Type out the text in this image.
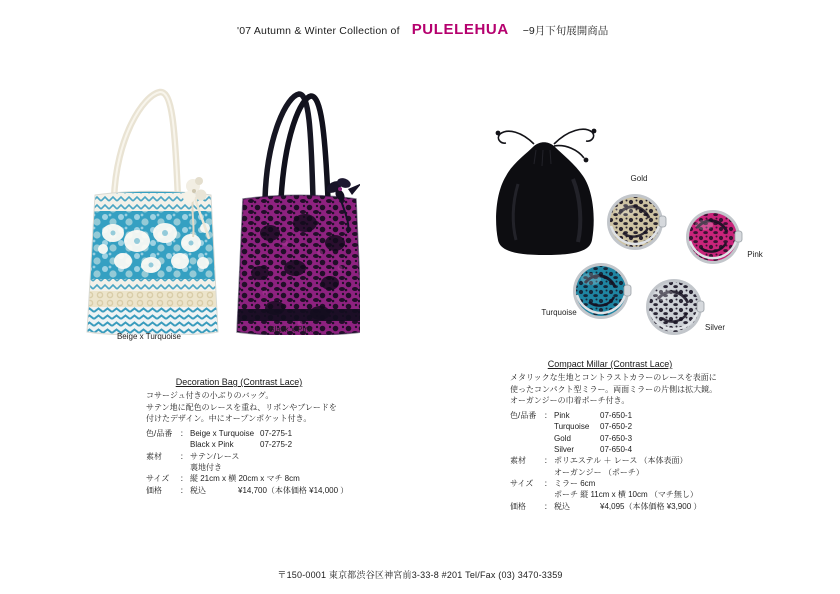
'07 Autumn & Winter Collection of PULELEHUA −9月下旬展開商品
Beige x Turquoise
Black x Pink
Gold
Pink
Turquoise
Silver
Decoration Bag (Contrast Lace)
コサージュ付きの小ぶりのバッグ。
サテン地に配色のレースを重ね、リボンやブレードを
付けたデザイン。中にオープンポケット付き。
色/品番 ： Beige x Turquoise 07-275-1
Black x Pink	07-275-2
素材	： サテン/レース
裏地付き
サイズ	： 縦 21cm x 横 20cm x マチ 8cm
価格	： 税込	¥14,700（本体価格 ¥14,000 ）
Compact Millar (Contrast Lace)
メタリックな生地とコントラストカラーのレースを表面に
使ったコンパクト型ミラー。両面ミラーの片側は拡大鏡。
オーガンジーの巾着ポーチ付き。
色/品番 ： Pink	07-650-1
Turquoise	07-650-2
Gold	07-650-3
Silver	07-650-4
素材	： ポリエステル ＋ レース （本体表面）
オーガンジー （ポーチ）
サイズ	： ミラー 6cm
ポーチ 縦 11cm x 横 10cm （マチ無し）
価格	： 税込	¥4,095（本体価格 ¥3,900 ）
〒150-0001 東京都渋谷区神宮前3-33-8 #201 Tel/Fax (03) 3470-3359
